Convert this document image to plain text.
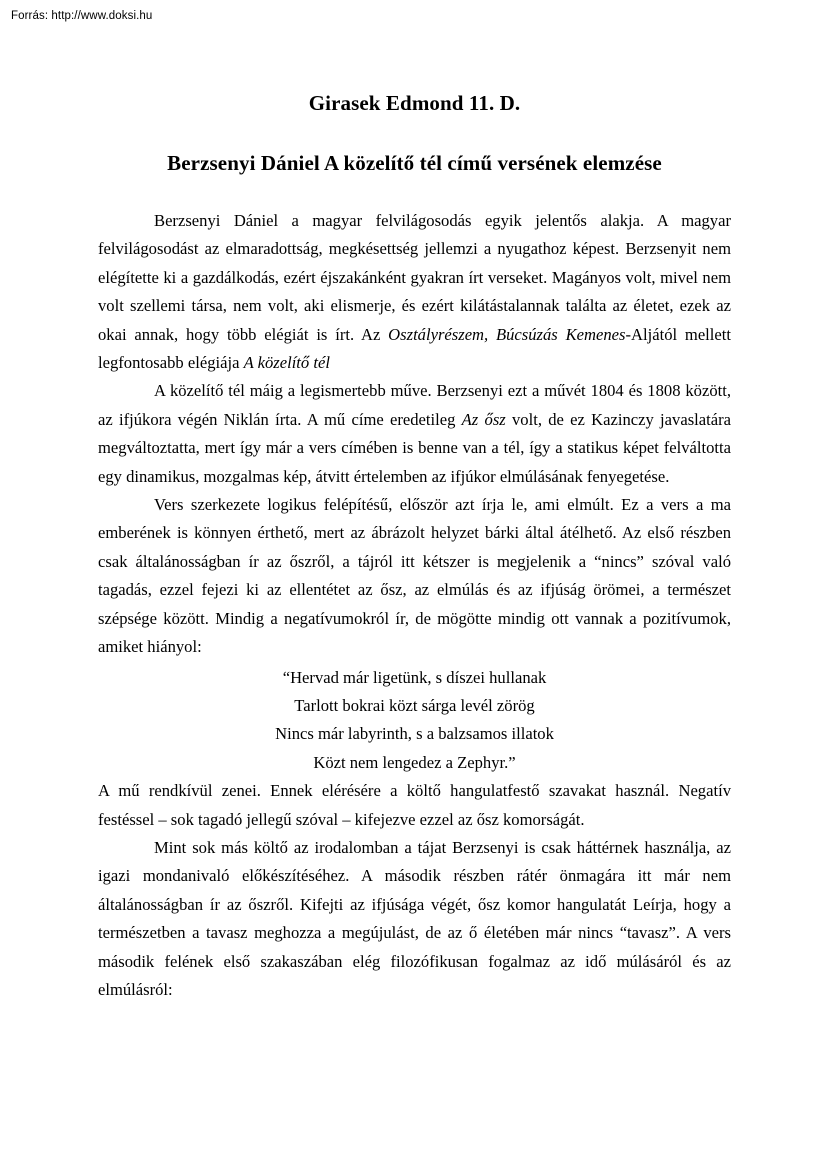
Forrás: http://www.doksi.hu
Girasek Edmond 11. D.
Berzsenyi Dániel A közelítő tél című versének elemzése

Berzsenyi Dániel a magyar felvilágosodás egyik jelentős alakja. A magyar felvilágosodást az elmaradottság, megkésettség jellemzi a nyugathoz képest. Berzsenyit nem elégítette ki a gazdálkodás, ezért éjszakánként gyakran írt verseket. Magányos volt, mivel nem volt szellemi társa, nem volt, aki elismerje, és ezért kilátástalannak találta az életet, ezek az okai annak, hogy több elégiát is írt. Az Osztályrészem, Búcsúzás Kemenes-Aljától mellett legfontosabb elégiája A közelítő tél

A közelítő tél máig a legismertebb műve. Berzsenyi ezt a művét 1804 és 1808 között, az ifjúkora végén Niklán írta. A mű címe eredetileg Az ősz volt, de ez Kazinczy javaslatára megváltoztatta, mert így már a vers címében is benne van a tél, így a statikus képet felváltotta egy dinamikus, mozgalmas kép, átvitt értelemben az ifjúkor elmúlásának fenyegetése.

Vers szerkezete logikus felépítésű, először azt írja le, ami elmúlt. Ez a vers a ma emberének is könnyen érthető, mert az ábrázolt helyzet bárki által átélhető. Az első részben csak általánosságban ír az őszről, a tájról itt kétszer is megjelenik a “nincs” szóval való tagadás, ezzel fejezi ki az ellentétet az ősz, az elmúlás és az ifjúság örömei, a természet szépsége között. Mindig a negatívumokról ír, de mögötte mindig ott vannak a pozitívumok, amiket hiányol:

“Hervad már ligetünk, s díszei hullanak

Tarlott bokrai közt sárga levél zörög

Nincs már labyrinth, s a balzsamos illatok

Közt nem lengedez a Zephyr.”

A mű rendkívül zenei. Ennek elérésére a költő hangulatfestő szavakat használ. Negatív festéssel – sok tagadó jellegű szóval – kifejezve ezzel az ősz komorságát.

Mint sok más költő az irodalomban a tájat Berzsenyi is csak háttérnek használja, az igazi mondanivaló előkészítéséhez. A második részben rátér önmagára itt már nem általánosságban ír az őszről. Kifejti az ifjúsága végét, ősz komor hangulatát Leírja, hogy a természetben a tavasz meghozza a megújulást, de az ő életében már nincs “tavasz”. A vers második felének első szakaszában elég filozófikusan fogalmaz az idő múlásáról és az elmúlásról:
